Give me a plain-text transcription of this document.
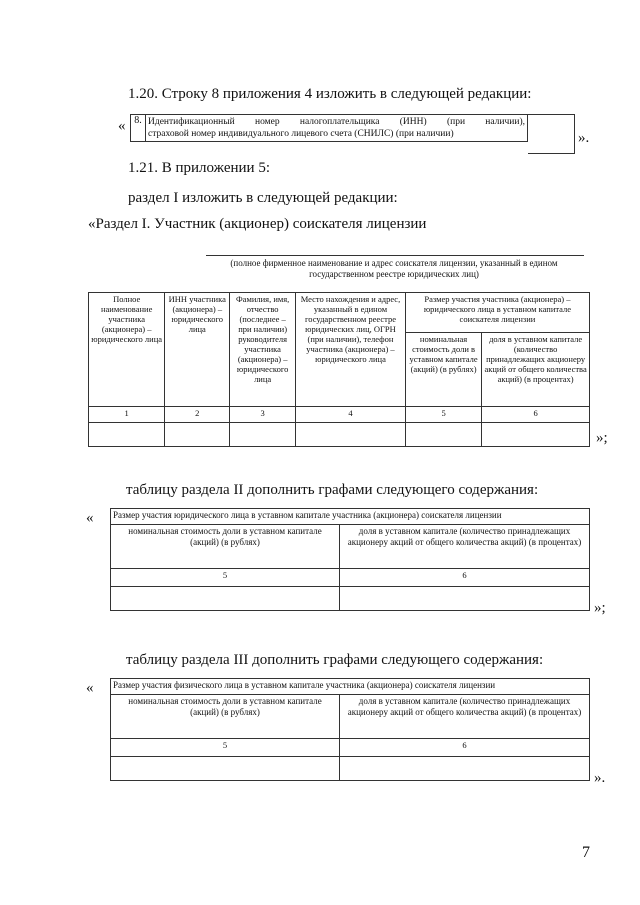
1.20. Строку 8 приложения 4 изложить в следующей редакции:
« 8.	Идентификационный номер налогоплательщика (ИНН) (при наличии),
страховой номер индивидуального лицевого счета (СНИЛС) (при наличии)	».
1.21. В приложении 5:
раздел I изложить в следующей редакции:
«Раздел I. Участник (акционер) соискателя лицензии
(полное фирменное наименование и адрес соискателя лицензии, указанный в едином
государственном реестре юридических лиц)
Полное наименование участника (акционера) – юридического лица	ИНН участника (акционера) – юридического лица	Фамилия, имя, отчество (последнее – при наличии) руководителя участника (акционера) – юридического лица	Место нахождения и адрес, указанный в едином государственном реестре юридических лиц, ОГРН (при наличии), телефон участника (акционера) – юридического лица	Размер участия участника (акционера) – юридического лица в уставном капитале соискателя лицензии	
				номинальная стоимость доли в уставном капитале (акций) (в рублях)	доля в уставном капитале (количество принадлежащих акционеру акций от общего количества акций) (в процентах)
1	2	3	4	5	6

»;
таблицу раздела II дополнить графами следующего содержания:
« Размер участия юридического лица в уставном капитале участника (акционера) соискателя лицензии	
номинальная стоимость доли в уставном капитале (акций) (в рублях)	доля в уставном капитале (количество принадлежащих акционеру акций от общего количества акций) (в процентах)
5	6

»;
таблицу раздела III дополнить графами следующего содержания:
« Размер участия физического лица в уставном капитале участника (акционера) соискателя лицензии	
номинальная стоимость доли в уставном капитале (акций) (в рублях)	доля в уставном капитале (количество принадлежащих акционеру акций от общего количества акций) (в процентах)
5	6

».
7
